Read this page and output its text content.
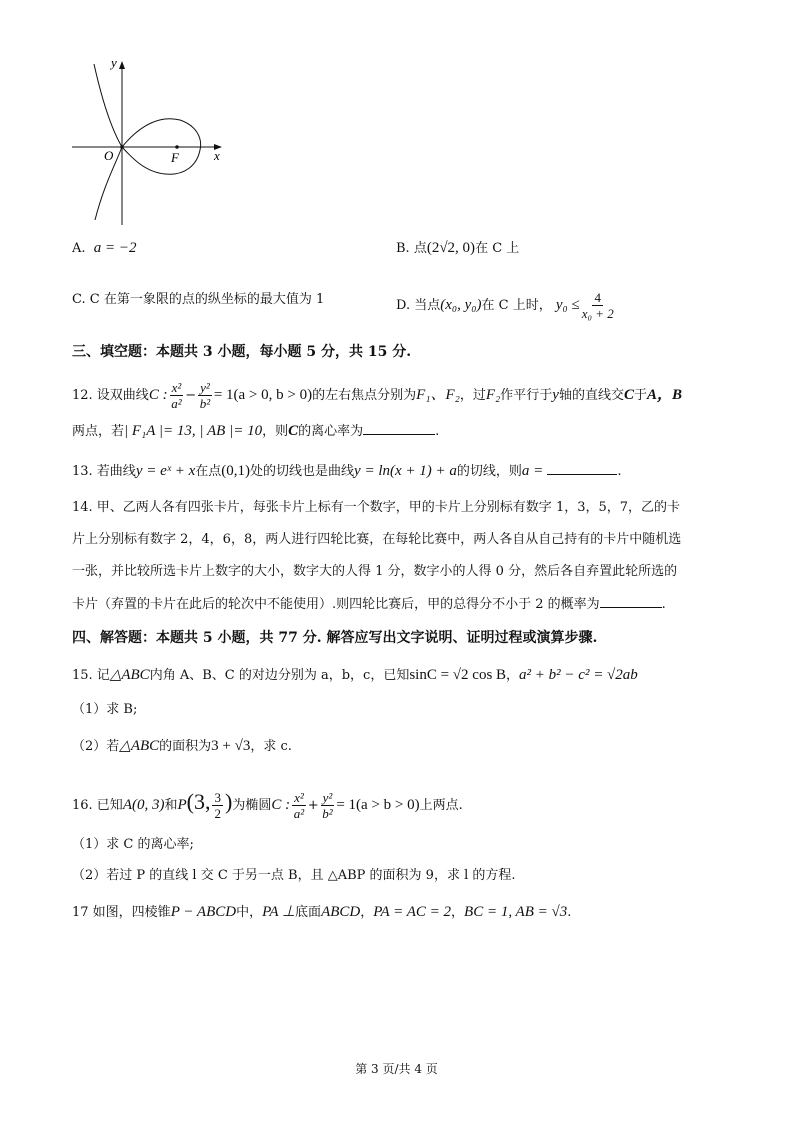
y
x
O	F
A. a = −2	B. 点(2√2, 0)在 C 上
C. C 在第一象限的点的纵坐标的最大值为 1	D. 当点(x₀, y₀)在 C 上时， $y_0 \le \frac{4}{\text{x₀ + 2}}$
三、填空题：本题共 3 小题，每小题 5 分，共 15 分.
12. 设双曲线C : $\frac{\text{x²}}{\text{a²}} - \frac{\text{y²}}{\text{b²}} = 1(a > 0$, b > 0)的左右焦点分别为F₁、F₂，过F₂作平行于y轴的直线交C于A，B
两点，若| F₁A |= 13, | AB |= 10，则C的离心率为	.
13. 若曲线y = eˣ + x在点(0,1)处的切线也是曲线y = ln(x + 1) + a的切线，则a =	.
14. 甲、乙两人各有四张卡片，每张卡片上标有一个数字，甲的卡片上分别标有数字 1，3，5，7，乙的卡
片上分别标有数字 2，4，6，8，两人进行四轮比赛，在每轮比赛中，两人各自从自己持有的卡片中随机选
一张，并比较所选卡片上数字的大小，数字大的人得 1 分，数字小的人得 0 分，然后各自弃置此轮所选的
卡片（弃置的卡片在此后的轮次中不能使用）.则四轮比赛后，甲的总得分不小于 2 的概率为	.
四、解答题：本题共 5 小题，共 77 分. 解答应写出文字说明、证明过程或演算步骤.
15. 记△ABC内角 A、B、C 的对边分别为 a，b，c，已知sinC = √2 cos B，a² + b² − c² = √2ab
（1）求 B;
（2）若△ABC的面积为3 + √3，求 c.
16. 已知A(0, 3)和P(3, $\frac{3}{2}$ )为椭圆C : $\frac{\text{x²}}{\text{a²}} + \frac{\text{y²}}{\text{b²}} = 1(a > b > 0)$上两点.
（1）求 C 的离心率;
（2）若过 P 的直线 l 交 C 于另一点 B，且 △ABP 的面积为 9，求 l 的方程.
17 如图，四棱锥P − ABCD中，PA ⊥底面ABCD，PA = AC = 2，BC = 1, AB = √3.
第 3 页/共 4 页
